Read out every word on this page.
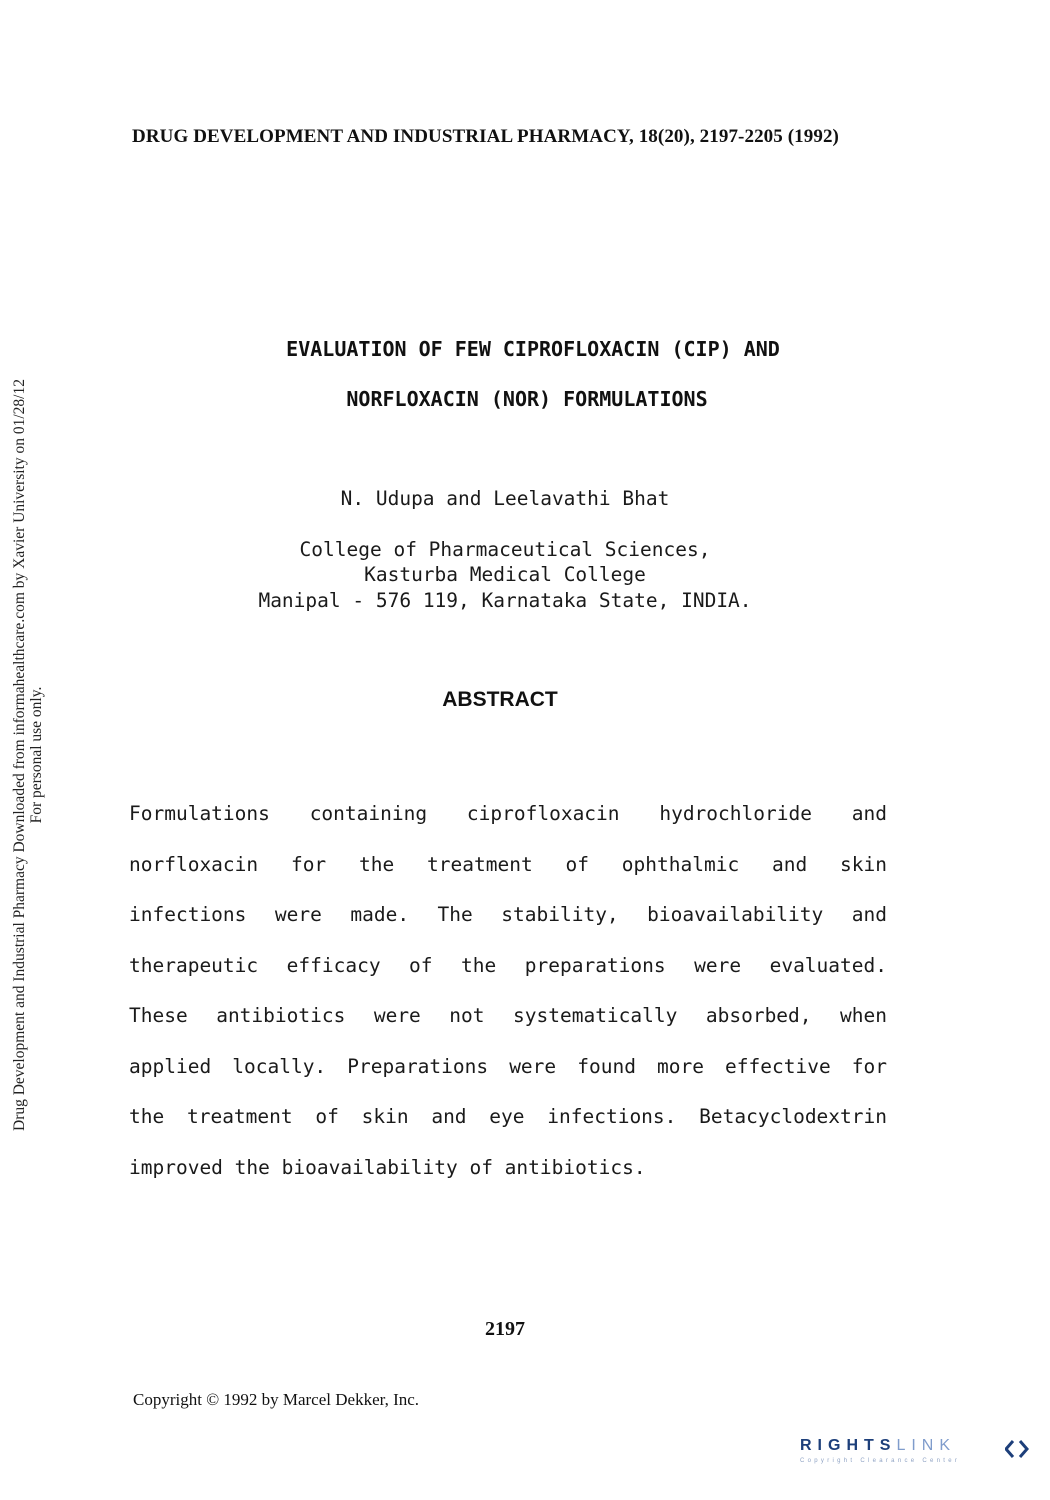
DRUG DEVELOPMENT AND INDUSTRIAL PHARMACY, 18(20), 2197-2205 (1992)
Drug Development and Industrial Pharmacy Downloaded from informahealthcare.com by Xavier University on 01/28/12 For personal use only.
EVALUATION OF FEW CIPROFLOXACIN (CIP) AND
NORFLOXACIN (NOR) FORMULATIONS
N. Udupa and Leelavathi Bhat
College of Pharmaceutical Sciences,
Kasturba Medical College
Manipal - 576 119, Karnataka State, INDIA.
ABSTRACT
Formulations containing ciprofloxacin hydrochloride and
norfloxacin for the treatment of ophthalmic and skin
infections were made. The stability, bioavailability and
therapeutic efficacy of the preparations were evaluated.
These antibiotics were not systematically absorbed, when
applied locally. Preparations were found more effective for
the treatment of skin and eye infections. Betacyclodextrin
improved the bioavailability of antibiotics.
2197
Copyright © 1992 by Marcel Dekker, Inc.
RIGHTSLINK
Copyright Clearance Center
